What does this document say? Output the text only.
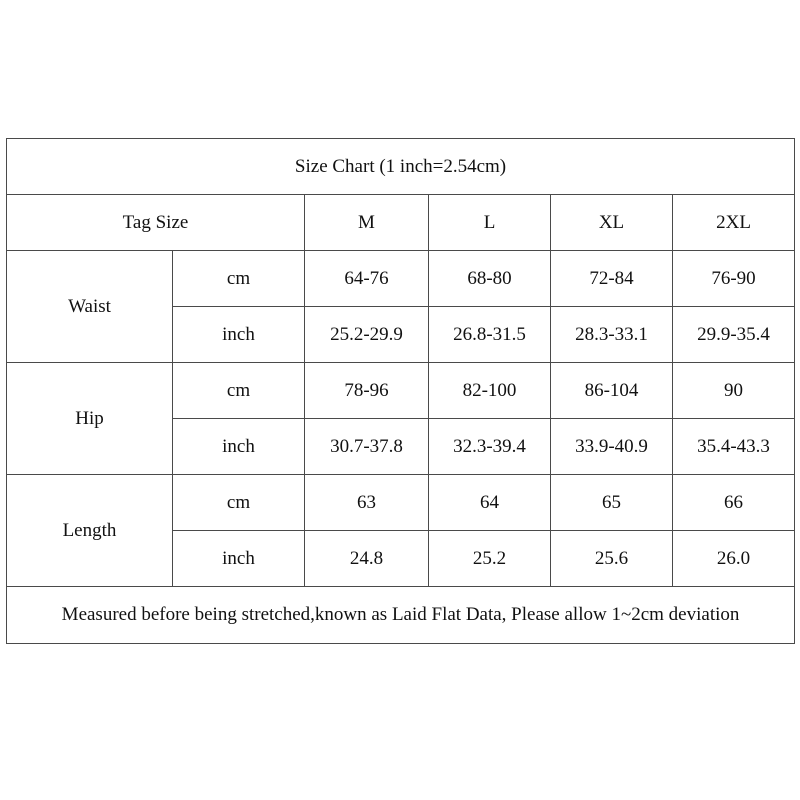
Size Chart (1 inch=2.54cm)					
Tag Size		M	L	XL	2XL
Waist	cm	64-76	68-80	72-84	76-90
	inch	25.2-29.9	26.8-31.5	28.3-33.1	29.9-35.4
Hip	cm	78-96	82-100	86-104	90
	inch	30.7-37.8	32.3-39.4	33.9-40.9	35.4-43.3
Length	cm	63	64	65	66
	inch	24.8	25.2	25.6	26.0
Measured before being stretched,known as Laid Flat Data, Please allow 1~2cm deviation					
